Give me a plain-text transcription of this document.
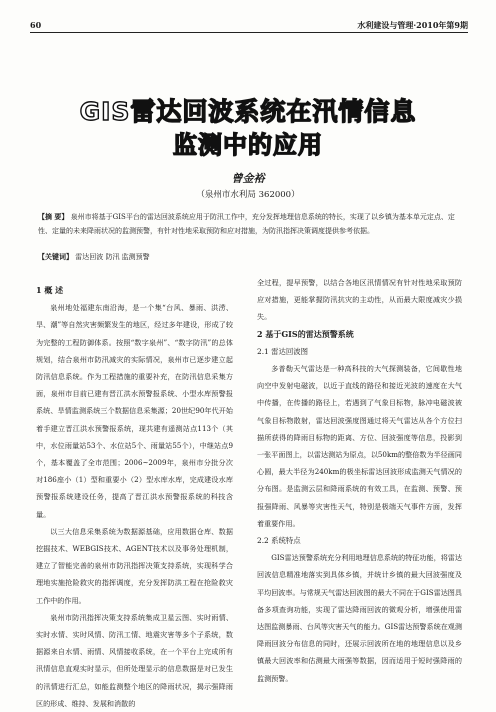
60	水利建设与管理·2010年第9期
GIS雷达回波系统在汛情信息
监测中的应用
曾金裕
（泉州市水利局 362000）
【摘 要】 泉州市将基于GIS平台的雷达回波系统应用于防汛工作中，充分发挥地理信息系统的特长，实现了以乡镇为基本单元定点、定性、定量的未来降雨状况的监测预警，有针对性地采取预防和应对措施，为防汛指挥决策调度提供参考依据。
【关键词】 雷达回波 防汛 监测预警

1 概 述

泉州地处福建东南沿海，是一个集“台风、暴雨、洪涝、旱、潮”等自然灾害频繁发生的地区，经过多年建设，形成了较为完整的工程防御体系。按照“数字泉州”、“数字防汛”的总体规划，结合泉州市防汛减灾的实际情况，泉州市已逐步建立起防汛信息系统。作为工程措施的重要补充，在防汛信息采集方面，泉州市目前已建有晋江洪水预警报系统、小型水库预警报系统、旱情监测系统三个数据信息采集源；20世纪90年代开始着手建立晋江洪水预警报系统，现共建有遥测站点113个（其中，水位雨量站53个、水位站5个、雨量站55个），中继站点9个，基本覆盖了全市范围；2006~2009年，泉州市分批分次对186座小（1）型和重要小（2）型水库水库，完成建设水库预警报系统建设任务，提高了晋江洪水预警报系统的科技含量。

以三大信息采集系统为数据源基础，应用数据仓库、数据挖掘技术、WEBGIS技术、AGENT技术以及事务处理机制，建立了智能完善的泉州市防汛指挥决策支持系统，实现科学合理地实施抢险救灾的指挥调度，充分发挥防洪工程在抢险救灾工作中的作用。

泉州市防汛指挥决策支持系统集成卫星云图、实时雨情、实时水情、实时风情、防汛工情、地震灾害等多个子系统，数据源来自水情、雨情、风情接收系统，在一个平台上完成所有汛情信息直观实时显示，但所处理显示的信息数据是对已发生的汛情进行汇总，如能监测整个地区的降雨状况，揭示强降雨区的形成、维持、发展和消散的

全过程，提早预警，以结合各地区汛情情况有针对性地采取预防应对措施，更能掌握防汛抗灾的主动性，从而最大限度减灾少损失。

2 基于GIS的雷达预警系统

2.1 雷达回波图

多普勒天气雷达是一种高科技的大气探测装备，它间歇性地向空中发射电磁波，以近于直线的路径和接近光波的速度在大气中传播，在传播的路径上，若遇到了气象目标物，脉冲电磁波被气象目标物散射，雷达回波强度图通过将天气雷达从各个方位扫描所获得的降雨目标物的距离、方位、回波强度等信息，投影到一张平面图上，以雷达测站为原点，以50km的整倍数为半径画同心圆，最大半径为240km的极坐标雷达回波形成监测天气情况的分布图。是监测云层和降雨系统的有效工具，在监测、预警、预报强降雨、风暴等灾害性天气，特别是极端天气事件方面，发挥着重要作用。

2.2 系统特点

GIS雷达预警系统充分利用地理信息系统的特征功能，将雷达回波信息精准地落实到具体乡镇，并统计乡镇的最大回波强度及平均回波率。与常规天气雷达回波图的最大不同在于GIS雷达图具备多项查询功能，实现了雷达降雨回波的微观分析，增强使用雷达图监测暴雨、台风等灾害天气的能力。GIS雷达预警系统在观测降雨回波分布信息的同时，还展示回波所在地的地理信息以及乡镇最大回波率和估测最大雨强等数据，因而适用于短时强降雨的监测预警。
